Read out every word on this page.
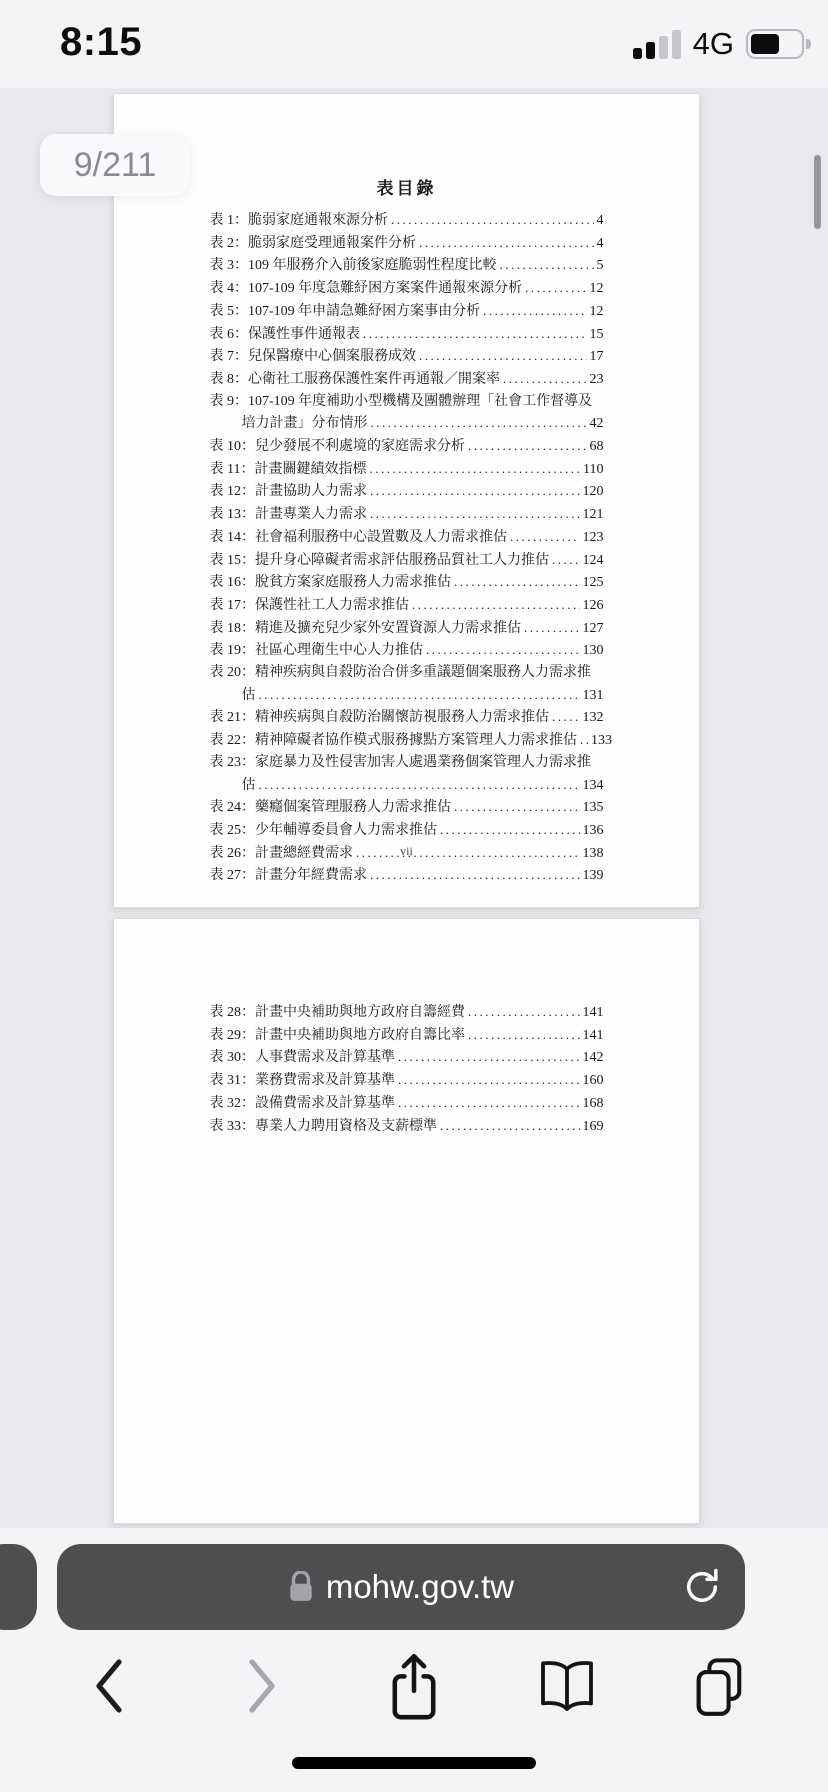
8:15	4G
表目錄
表 1：脆弱家庭通報來源分析 .....	4
表 2：脆弱家庭受理通報案件分析 .....	4
表 3：109 年服務介入前後家庭脆弱性程度比較 .....	5
表 4：107-109 年度急難紓困方案案件通報來源分析 .....	12
表 5：107-109 年申請急難紓困方案事由分析 .....	12
表 6：保護性事件通報表 .....	15
表 7：兒保醫療中心個案服務成效 .....	17
表 8：心衛社工服務保護性案件再通報／開案率 .....	23
表 9：107-109 年度補助小型機構及團體辦理「社會工作督導及
培力計畫」分布情形 .....	42
表 10：兒少發展不利處境的家庭需求分析 .....	68
表 11：計畫關鍵績效指標 .....	110
表 12：計畫協助人力需求 .....	120
表 13：計畫專業人力需求 .....	121
表 14：社會福利服務中心設置數及人力需求推估 .....	123
表 15：提升身心障礙者需求評估服務品質社工人力推估 ..... 124
表 16：脫貧方案家庭服務人力需求推估 .....	125
表 17：保護性社工人力需求推估 .....	126
表 18：精進及擴充兒少家外安置資源人力需求推估 .....	127
表 19：社區心理衛生中心人力推估 .....	130
表 20：精神疾病與自殺防治合併多重議題個案服務人力需求推
估 .....	131
表 21：精神疾病與自殺防治關懷訪視服務人力需求推估 ..... 132
表 22：精神障礙者協作模式服務據點方案管理人力需求推估 ..... 133
表 23：家庭暴力及性侵害加害人處遇業務個案管理人力需求推
估 .....	134
表 24：藥癮個案管理服務人力需求推估 .....	135
表 25：少年輔導委員會人力需求推估 .....	136
表 26：計畫總經費需求 .....	138
表 27：計畫分年經費需求 .....	139
vii
表 28：計畫中央補助與地方政府自籌經費 .....	141
表 29：計畫中央補助與地方政府自籌比率 .....	141
表 30：人事費需求及計算基準 .....	142
表 31：業務費需求及計算基準 .....	160
表 32：設備費需求及計算基準 .....	168
表 33：專業人力聘用資格及支薪標準 .....	169
9/211
mohw.gov.tw
